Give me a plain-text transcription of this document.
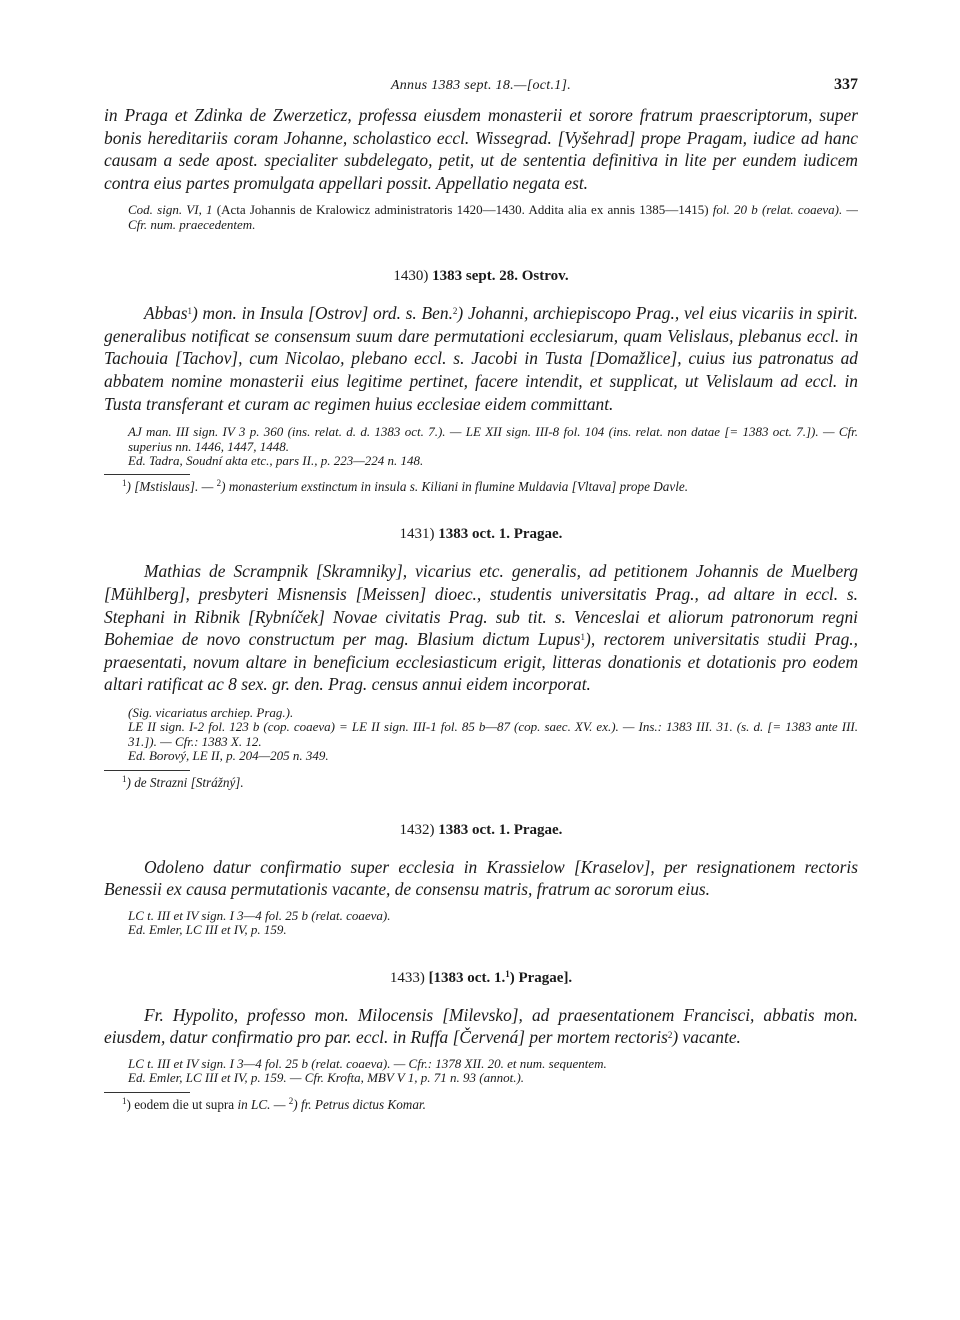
Annus 1383 sept. 18.—[oct.1].	337

in Praga et Zdinka de Zwerzeticz, professa eiusdem monasterii et sorore fratrum praescriptorum, super bonis hereditariis coram Johanne, scholastico eccl. Wissegrad. [Vyšehrad] prope Pragam, iudice ad hanc causam a sede apost. specialiter subdelegato, petit, ut de sententia definitiva in lite per eundem iudicem contra eius partes promulgata appellari possit. Appellatio negata est.

Cod. sign. VI, 1 (Acta Johannis de Kralowicz administratoris 1420—1430. Addita alia ex annis 1385—1415) fol. 20 b (relat. coaeva). — Cfr. num. praecedentem.

1430) 1383 sept. 28. Ostrov.

Abbas$^1$) mon. in Insula [Ostrov] ord. s. Ben.$^2$) Johanni, archiepiscopo Prag., vel eius vicariis in spirit. generalibus notificat se consensum suum dare permutationi ecclesiarum, quam Velislaus, plebanus eccl. in Tachouia [Tachov], cum Nicolao, plebano eccl. s. Jacobi in Tusta [Domažlice], cuius ius patronatus ad abbatem nomine monasterii eius legitime pertinet, facere intendit, et supplicat, ut Velislaum ad eccl. in Tusta transferant et curam ac regimen huius ecclesiae eidem committant.

AJ man. III sign. IV 3 p. 360 (ins. relat. d. d. 1383 oct. 7.). — LE XII sign. III-8 fol. 104 (ins. relat. non datae [= 1383 oct. 7.]). — Cfr. superius nn. 1446, 1447, 1448.

Ed. Tadra, Soudní akta etc., pars II., p. 223—224 n. 148.

$^1$) [Mstislaus]. — $^2$) monasterium exstinctum in insula s. Kiliani in flumine Muldavia [Vltava] prope Davle.

1431) 1383 oct. 1. Pragae.

Mathias de Scrampnik [Skramniky], vicarius etc. generalis, ad petitionem Johannis de Muelberg [Mühlberg], presbyteri Misnensis [Meissen] dioec., studentis universitatis Prag., ad altare in eccl. s. Stephani in Ribnik [Rybníček] Novae civitatis Prag. sub tit. s. Venceslai et aliorum patronorum regni Bohemiae de novo constructum per mag. Blasium dictum Lupus$^1$), rectorem universitatis studii Prag., praesentati, novum altare in beneficium ecclesiasticum erigit, litteras donationis et dotationis pro eodem altari ratificat ac 8 sex. gr. den. Prag. census annui eidem incorporat.

(Sig. vicariatus archiep. Prag.).

LE II sign. I-2 fol. 123 b (cop. coaeva) = LE II sign. III-1 fol. 85 b—87 (cop. saec. XV. ex.). — Ins.: 1383 III. 31. (s. d. [= 1383 ante III. 31.]). — Cfr.: 1383 X. 12.

Ed. Borový, LE II, p. 204—205 n. 349.

$^1$) de Strazni [Strážný].

1432) 1383 oct. 1. Pragae.

Odoleno datur confirmatio super ecclesia in Krassielow [Kraselov], per resignationem rectoris Benessii ex causa permutationis vacante, de consensu matris, fratrum ac sororum eius.

LC t. III et IV sign. I 3—4 fol. 25 b (relat. coaeva).

Ed. Emler, LC III et IV, p. 159.

1433) [1383 oct. 1.$^1$) Pragae].

Fr. Hypolito, professo mon. Milocensis [Milevsko], ad praesentationem Francisci, abbatis mon. eiusdem, datur confirmatio pro par. eccl. in Ruffa [Červená] per mortem rectoris$^2$) vacante.

LC t. III et IV sign. I 3—4 fol. 25 b (relat. coaeva). — Cfr.: 1378 XII. 20. et num. sequentem.

Ed. Emler, LC III et IV, p. 159. — Cfr. Krofta, MBV V 1, p. 71 n. 93 (annot.).

$^1$) eodem die ut supra in LC. — $^2$) fr. Petrus dictus Komar.
